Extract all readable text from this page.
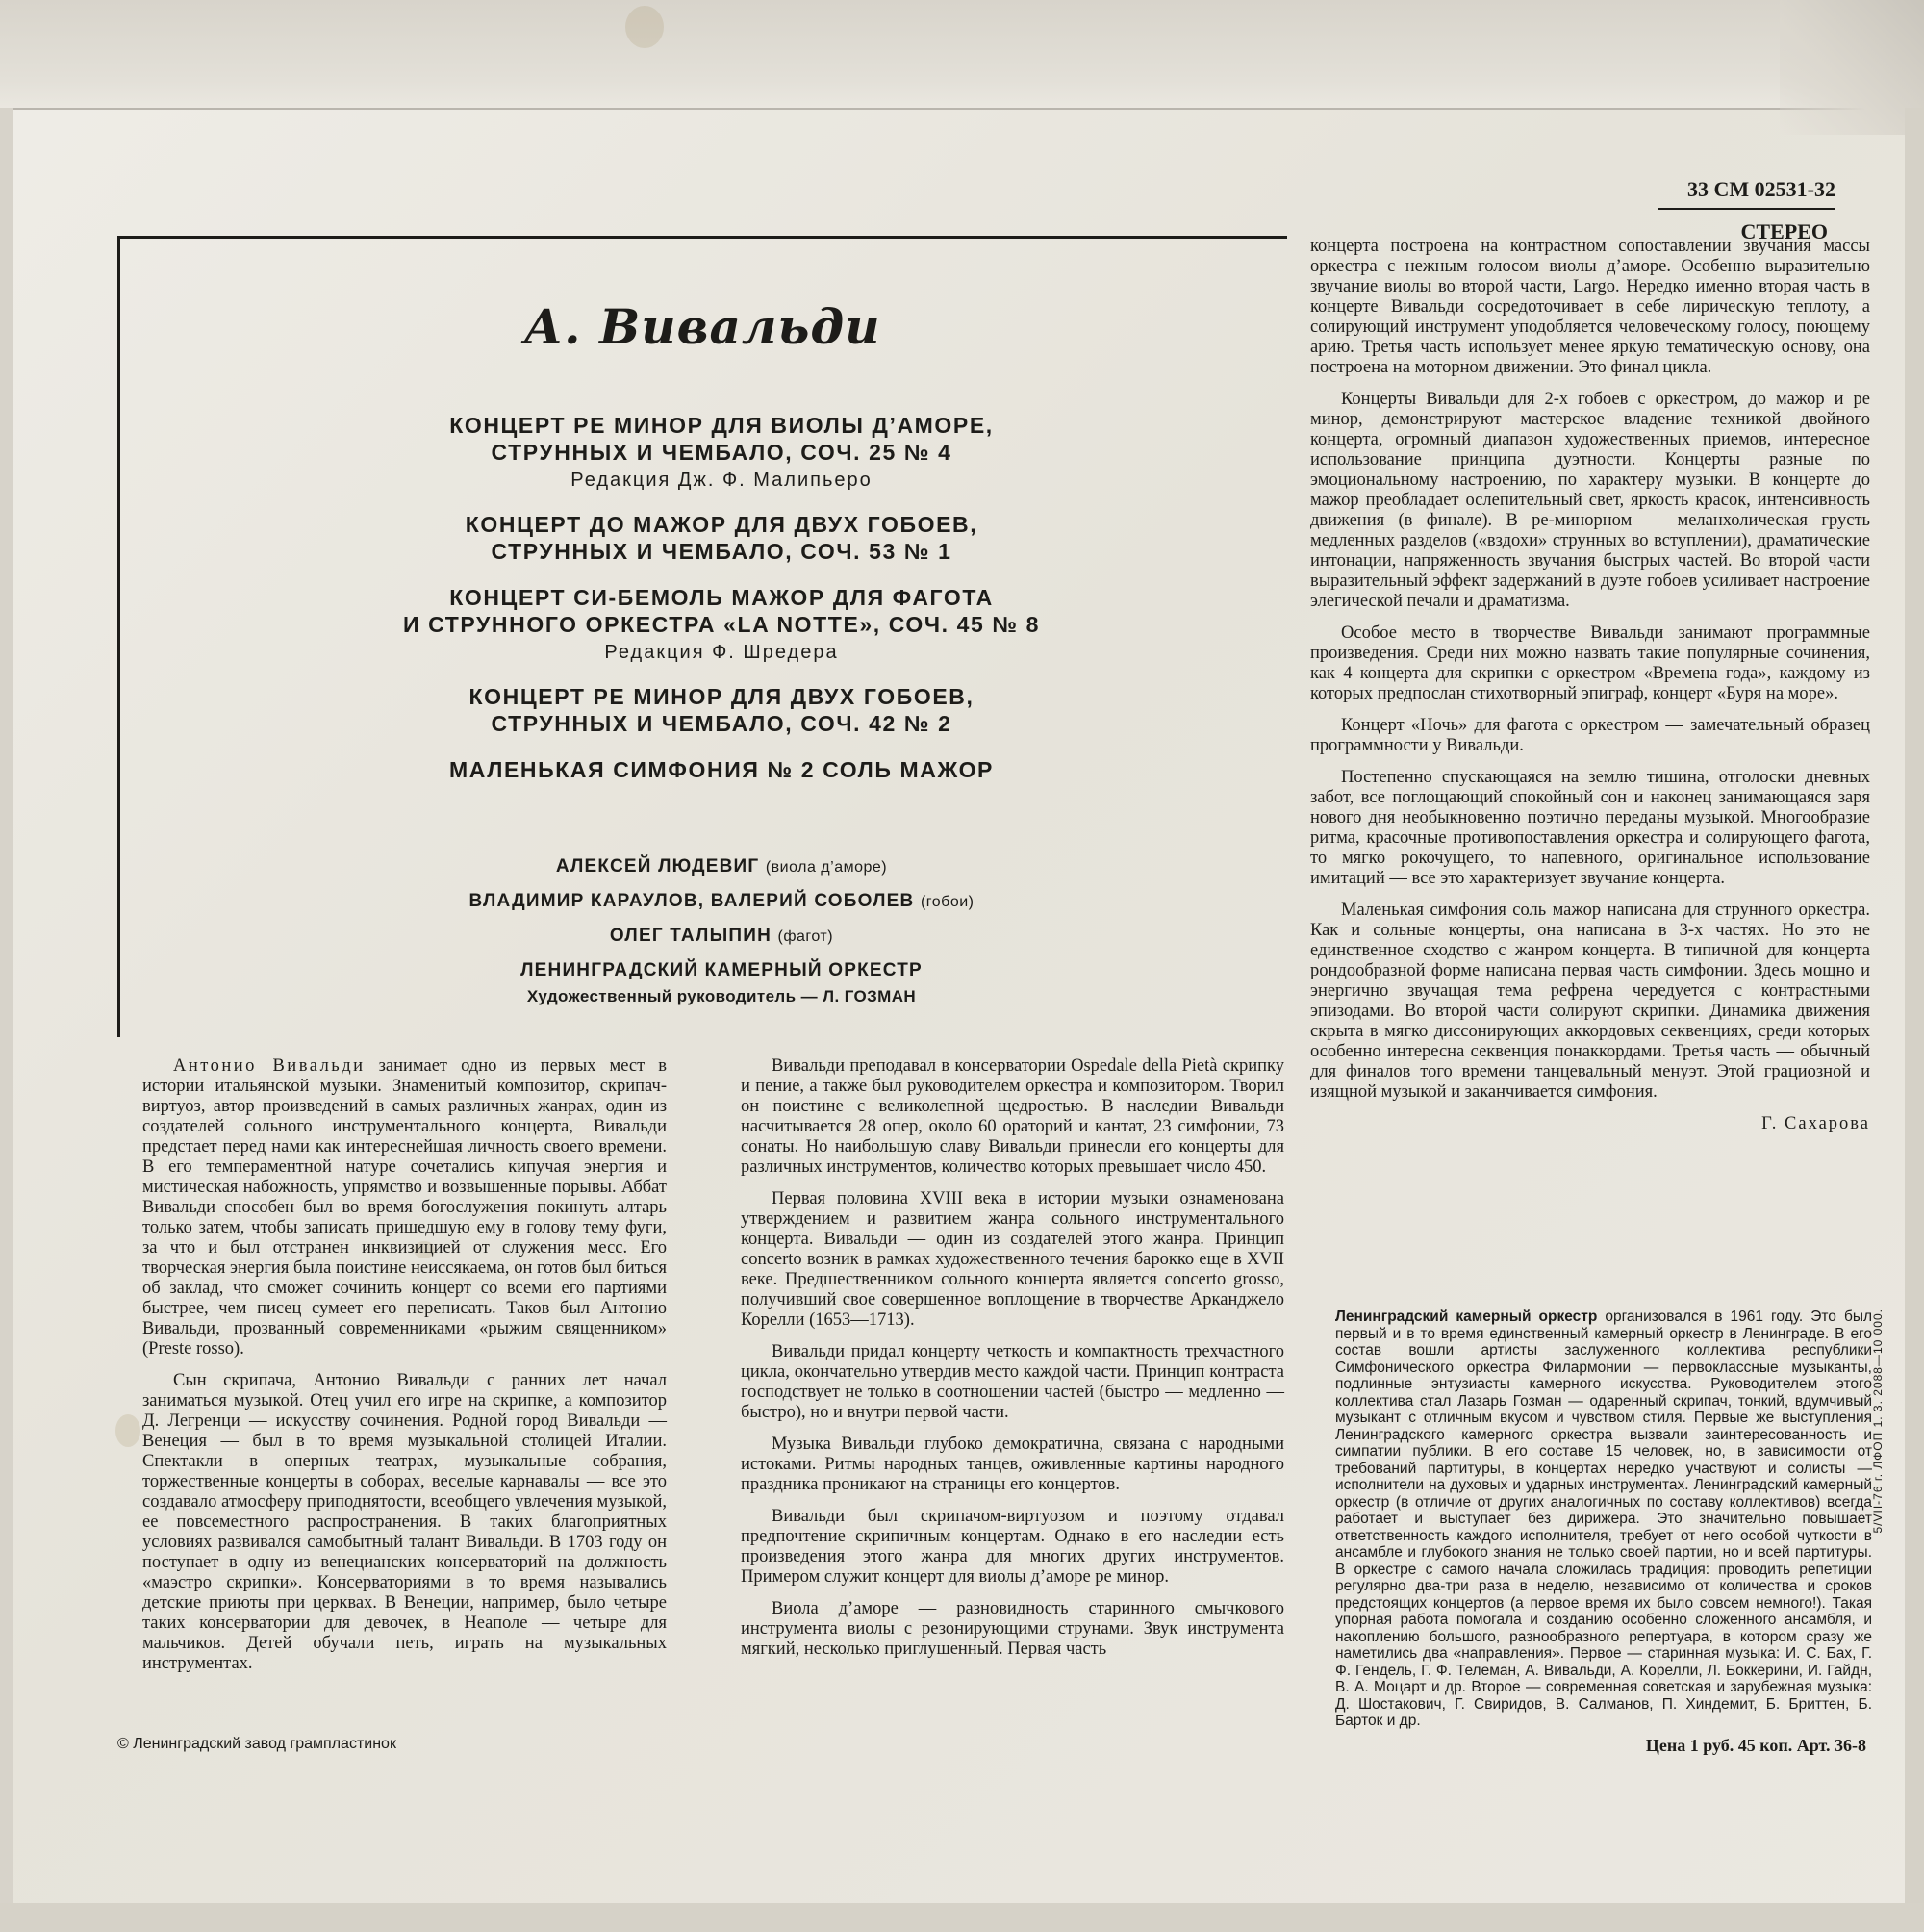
33 СМ 02531-32
СТЕРЕО
А. Вивальди

КОНЦЕРТ РЕ МИНОР ДЛЯ ВИОЛЫ Д’АМОРЕ,

СТРУННЫХ И ЧЕМБАЛО, СОЧ. 25 № 4

Редакция Дж. Ф. Малипьеро

КОНЦЕРТ ДО МАЖОР ДЛЯ ДВУХ ГОБОЕВ,

СТРУННЫХ И ЧЕМБАЛО, СОЧ. 53 № 1

КОНЦЕРТ СИ-БЕМОЛЬ МАЖОР ДЛЯ ФАГОТА

И СТРУННОГО ОРКЕСТРА «LA NOTTE», СОЧ. 45 № 8

Редакция Ф. Шредера

КОНЦЕРТ РЕ МИНОР ДЛЯ ДВУХ ГОБОЕВ,

СТРУННЫХ И ЧЕМБАЛО, СОЧ. 42 № 2

МАЛЕНЬКАЯ СИМФОНИЯ № 2 СОЛЬ МАЖОР

АЛЕКСЕЙ ЛЮДЕВИГ (виола д’аморе)
ВЛАДИМИР КАРАУЛОВ, ВАЛЕРИЙ СОБОЛЕВ (гобои)
ОЛЕГ ТАЛЫПИН (фагот)
ЛЕНИНГРАДСКИЙ КАМЕРНЫЙ ОРКЕСТР
Художественный руководитель — Л. ГОЗМАН

Антонио Вивальди занимает одно из первых мест в истории итальянской музыки. Знаменитый композитор, скрипач-виртуоз, автор произведений в самых различных жанрах, один из создателей сольного инструментального концерта, Вивальди предстает перед нами как интереснейшая личность своего времени. В его темпераментной натуре сочетались кипучая энергия и мистическая набожность, упрямство и возвышенные порывы. Аббат Вивальди способен был во время богослужения покинуть алтарь только затем, чтобы записать пришедшую ему в голову тему фуги, за что и был отстранен инквизицией от служения месс. Его творческая энергия была поистине неиссякаема, он готов был биться об заклад, что сможет сочинить концерт со всеми его партиями быстрее, чем писец сумеет его переписать. Таков был Антонио Вивальди, прозванный современниками «рыжим священником» (Preste rosso).

Сын скрипача, Антонио Вивальди с ранних лет начал заниматься музыкой. Отец учил его игре на скрипке, а композитор Д. Легренци — искусству сочинения. Родной город Вивальди — Венеция — был в то время музыкальной столицей Италии. Спектакли в оперных театрах, музыкальные собрания, торжественные концерты в соборах, веселые карнавалы — все это создавало атмосферу приподнятости, всеобщего увлечения музыкой, ее повсеместного распространения. В таких благоприятных условиях развивался самобытный талант Вивальди. В 1703 году он поступает в одну из венецианских консерваторий на должность «маэстро скрипки». Консерваториями в то время назывались детские приюты при церквах. В Венеции, например, было четыре таких консерватории для девочек, в Неаполе — четыре для мальчиков. Детей обучали петь, играть на музыкальных инструментах.

Вивальди преподавал в консерватории Ospedale della Pietà скрипку и пение, а также был руководителем оркестра и композитором. Творил он поистине с великолепной щедростью. В наследии Вивальди насчитывается 28 опер, около 60 ораторий и кантат, 23 симфонии, 73 сонаты. Но наибольшую славу Вивальди принесли его концерты для различных инструментов, количество которых превышает число 450.

Первая половина XVIII века в истории музыки ознаменована утверждением и развитием жанра сольного инструментального концерта. Вивальди — один из создателей этого жанра. Принцип concerto возник в рамках художественного течения барокко еще в XVII веке. Предшественником сольного концерта является concerto grosso, получивший свое совершенное воплощение в творчестве Арканджело Корелли (1653—1713).

Вивальди придал концерту четкость и компактность трехчастного цикла, окончательно утвердив место каждой части. Принцип контраста господствует не только в соотношении частей (быстро — медленно — быстро), но и внутри первой части.

Музыка Вивальди глубоко демократична, связана с народными истоками. Ритмы народных танцев, оживленные картины народного праздника проникают на страницы его концертов.

Вивальди был скрипачом-виртуозом и поэтому отдавал предпочтение скрипичным концертам. Однако в его наследии есть произведения этого жанра для многих других инструментов. Примером служит концерт для виолы д’аморе ре минор.

Виола д’аморе — разновидность старинного смычкового инструмента виолы с резонирующими струнами. Звук инструмента мягкий, несколько приглушенный. Первая часть

концерта построена на контрастном сопоставлении звучания массы оркестра с нежным голосом виолы д’аморе. Особенно выразительно звучание виолы во второй части, Largo. Нередко именно вторая часть в концерте Вивальди сосредоточивает в себе лирическую теплоту, а солирующий инструмент уподобляется человеческому голосу, поющему арию. Третья часть использует менее яркую тематическую основу, она построена на моторном движении. Это финал цикла.

Концерты Вивальди для 2-х гобоев с оркестром, до мажор и ре минор, демонстрируют мастерское владение техникой двойного концерта, огромный диапазон художественных приемов, интересное использование принципа дуэтности. Концерты разные по эмоциональному настроению, по характеру музыки. В концерте до мажор преобладает ослепительный свет, яркость красок, интенсивность движения (в финале). В ре-минорном — меланхолическая грусть медленных разделов («вздохи» струнных во вступлении), драматические интонации, напряженность звучания быстрых частей. Во второй части выразительный эффект задержаний в дуэте гобоев усиливает настроение элегической печали и драматизма.

Особое место в творчестве Вивальди занимают программные произведения. Среди них можно назвать такие популярные сочинения, как 4 концерта для скрипки с оркестром «Времена года», каждому из которых предпослан стихотворный эпиграф, концерт «Буря на море».

Концерт «Ночь» для фагота с оркестром — замечательный образец программности у Вивальди.

Постепенно спускающаяся на землю тишина, отголоски дневных забот, все поглощающий спокойный сон и наконец занимающаяся заря нового дня необыкновенно поэтично переданы музыкой. Многообразие ритма, красочные противопоставления оркестра и солирующего фагота, то мягко рокочущего, то напевного, оригинальное использование имитаций — все это характеризует звучание концерта.

Маленькая симфония соль мажор написана для струнного оркестра. Как и сольные концерты, она написана в 3-х частях. Но это не единственное сходство с жанром концерта. В типичной для концерта рондообразной форме написана первая часть симфонии. Здесь мощно и энергично звучащая тема рефрена чередуется с контрастными эпизодами. Во второй части солируют скрипки. Динамика движения скрыта в мягко диссонирующих аккордовых секвенциях, среди которых особенно интересна секвенция понаккордами. Третья часть — обычный для финалов того времени танцевальный менуэт. Этой грациозной и изящной музыкой и заканчивается симфония.

Г. Сахарова
Ленинградский камерный оркестр организовался в 1961 году. Это был первый и в то время единственный камерный оркестр в Ленинграде. В его состав вошли артисты заслуженного коллектива республики Симфонического оркестра Филармонии — первоклассные музыканты, подлинные энтузиасты камерного искусства. Руководителем этого коллектива стал Лазарь Гозман — одаренный скрипач, тонкий, вдумчивый музыкант с отличным вкусом и чувством стиля. Первые же выступления Ленинградского камерного оркестра вызвали заинтересованность и симпатии публики. В его составе 15 человек, но, в зависимости от требований партитуры, в концертах нередко участвуют и солисты — исполнители на духовых и ударных инструментах. Ленинградский камерный оркестр (в отличие от других аналогичных по составу коллективов) всегда работает и выступает без дирижера. Это значительно повышает ответственность каждого исполнителя, требует от него особой чуткости в ансамбле и глубокого знания не только своей партии, но и всей партитуры. В оркестре с самого начала сложилась традиция: проводить репетиции регулярно два-три раза в неделю, независимо от количества и сроков предстоящих концертов (а первое время их было совсем немного!). Такая упорная работа помогала и созданию особенно сложенного ансамбля, и накоплению большого, разнообразного репертуара, в котором сразу же наметились два «направления». Первое — старинная музыка: И. С. Бах, Г. Ф. Гендель, Г. Ф. Телеман, А. Вивальди, А. Корелли, Л. Боккерини, И. Гайдн, В. А. Моцарт и др. Второе — современная советская и зарубежная музыка: Д. Шостакович, Г. Свиридов, В. Салманов, П. Хиндемит, Б. Бриттен, Б. Барток и др.
© Ленинградский завод грампластинок	Цена 1 руб. 45 коп. Арт. 36-8
5/VII-76 г. ЛФОП 1. 3. 2088—10 000.
